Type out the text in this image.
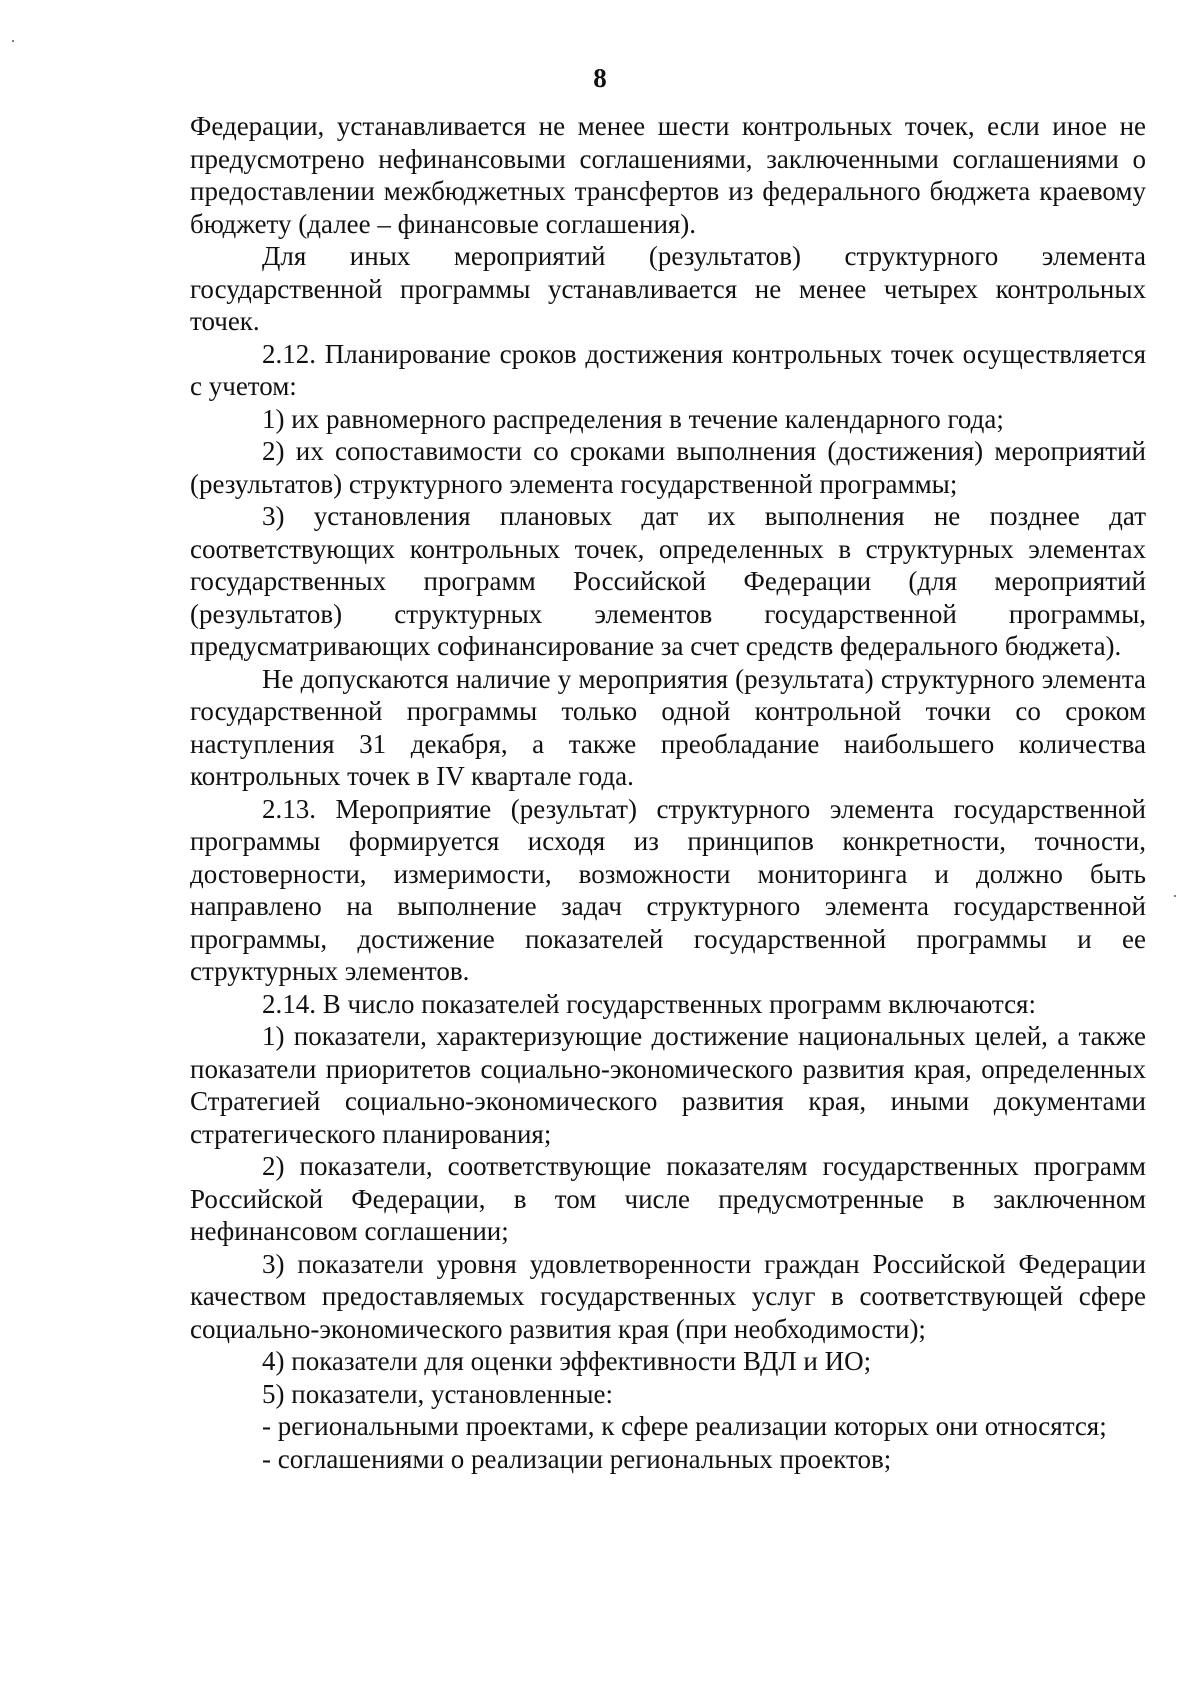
8

Федерации, устанавливается не менее шести контрольных точек, если иное не предусмотрено нефинансовыми соглашениями, заключенными соглашениями о предоставлении межбюджетных трансфертов из федерального бюджета краевому бюджету (далее – финансовые соглашения).

Для иных мероприятий (результатов) структурного элемента государственной программы устанавливается не менее четырех контрольных точек.

2.12. Планирование сроков достижения контрольных точек осуществляется с учетом:

1) их равномерного распределения в течение календарного года;

2) их сопоставимости со сроками выполнения (достижения) мероприятий (результатов) структурного элемента государственной программы;

3) установления плановых дат их выполнения не позднее дат соответствующих контрольных точек, определенных в структурных элементах государственных программ Российской Федерации (для мероприятий (результатов) структурных элементов государственной программы, предусматривающих софинансирование за счет средств федерального бюджета).

Не допускаются наличие у мероприятия (результата) структурного элемента государственной программы только одной контрольной точки со сроком наступления 31 декабря, а также преобладание наибольшего количества контрольных точек в IV квартале года.

2.13. Мероприятие (результат) структурного элемента государственной программы формируется исходя из принципов конкретности, точности, достоверности, измеримости, возможности мониторинга и должно быть направлено на выполнение задач структурного элемента государственной программы, достижение показателей государственной программы и ее структурных элементов.

2.14. В число показателей государственных программ включаются:

1) показатели, характеризующие достижение национальных целей, а также показатели приоритетов социально-экономического развития края, определенных Стратегией социально-экономического развития края, иными документами стратегического планирования;

2) показатели, соответствующие показателям государственных программ Российской Федерации, в том числе предусмотренные в заключенном нефинансовом соглашении;

3) показатели уровня удовлетворенности граждан Российской Федерации качеством предоставляемых государственных услуг в соответствующей сфере социально-экономического развития края (при необходимости);

4) показатели для оценки эффективности ВДЛ и ИО;

5) показатели, установленные:

- региональными проектами, к сфере реализации которых они относятся;

- соглашениями о реализации региональных проектов;
